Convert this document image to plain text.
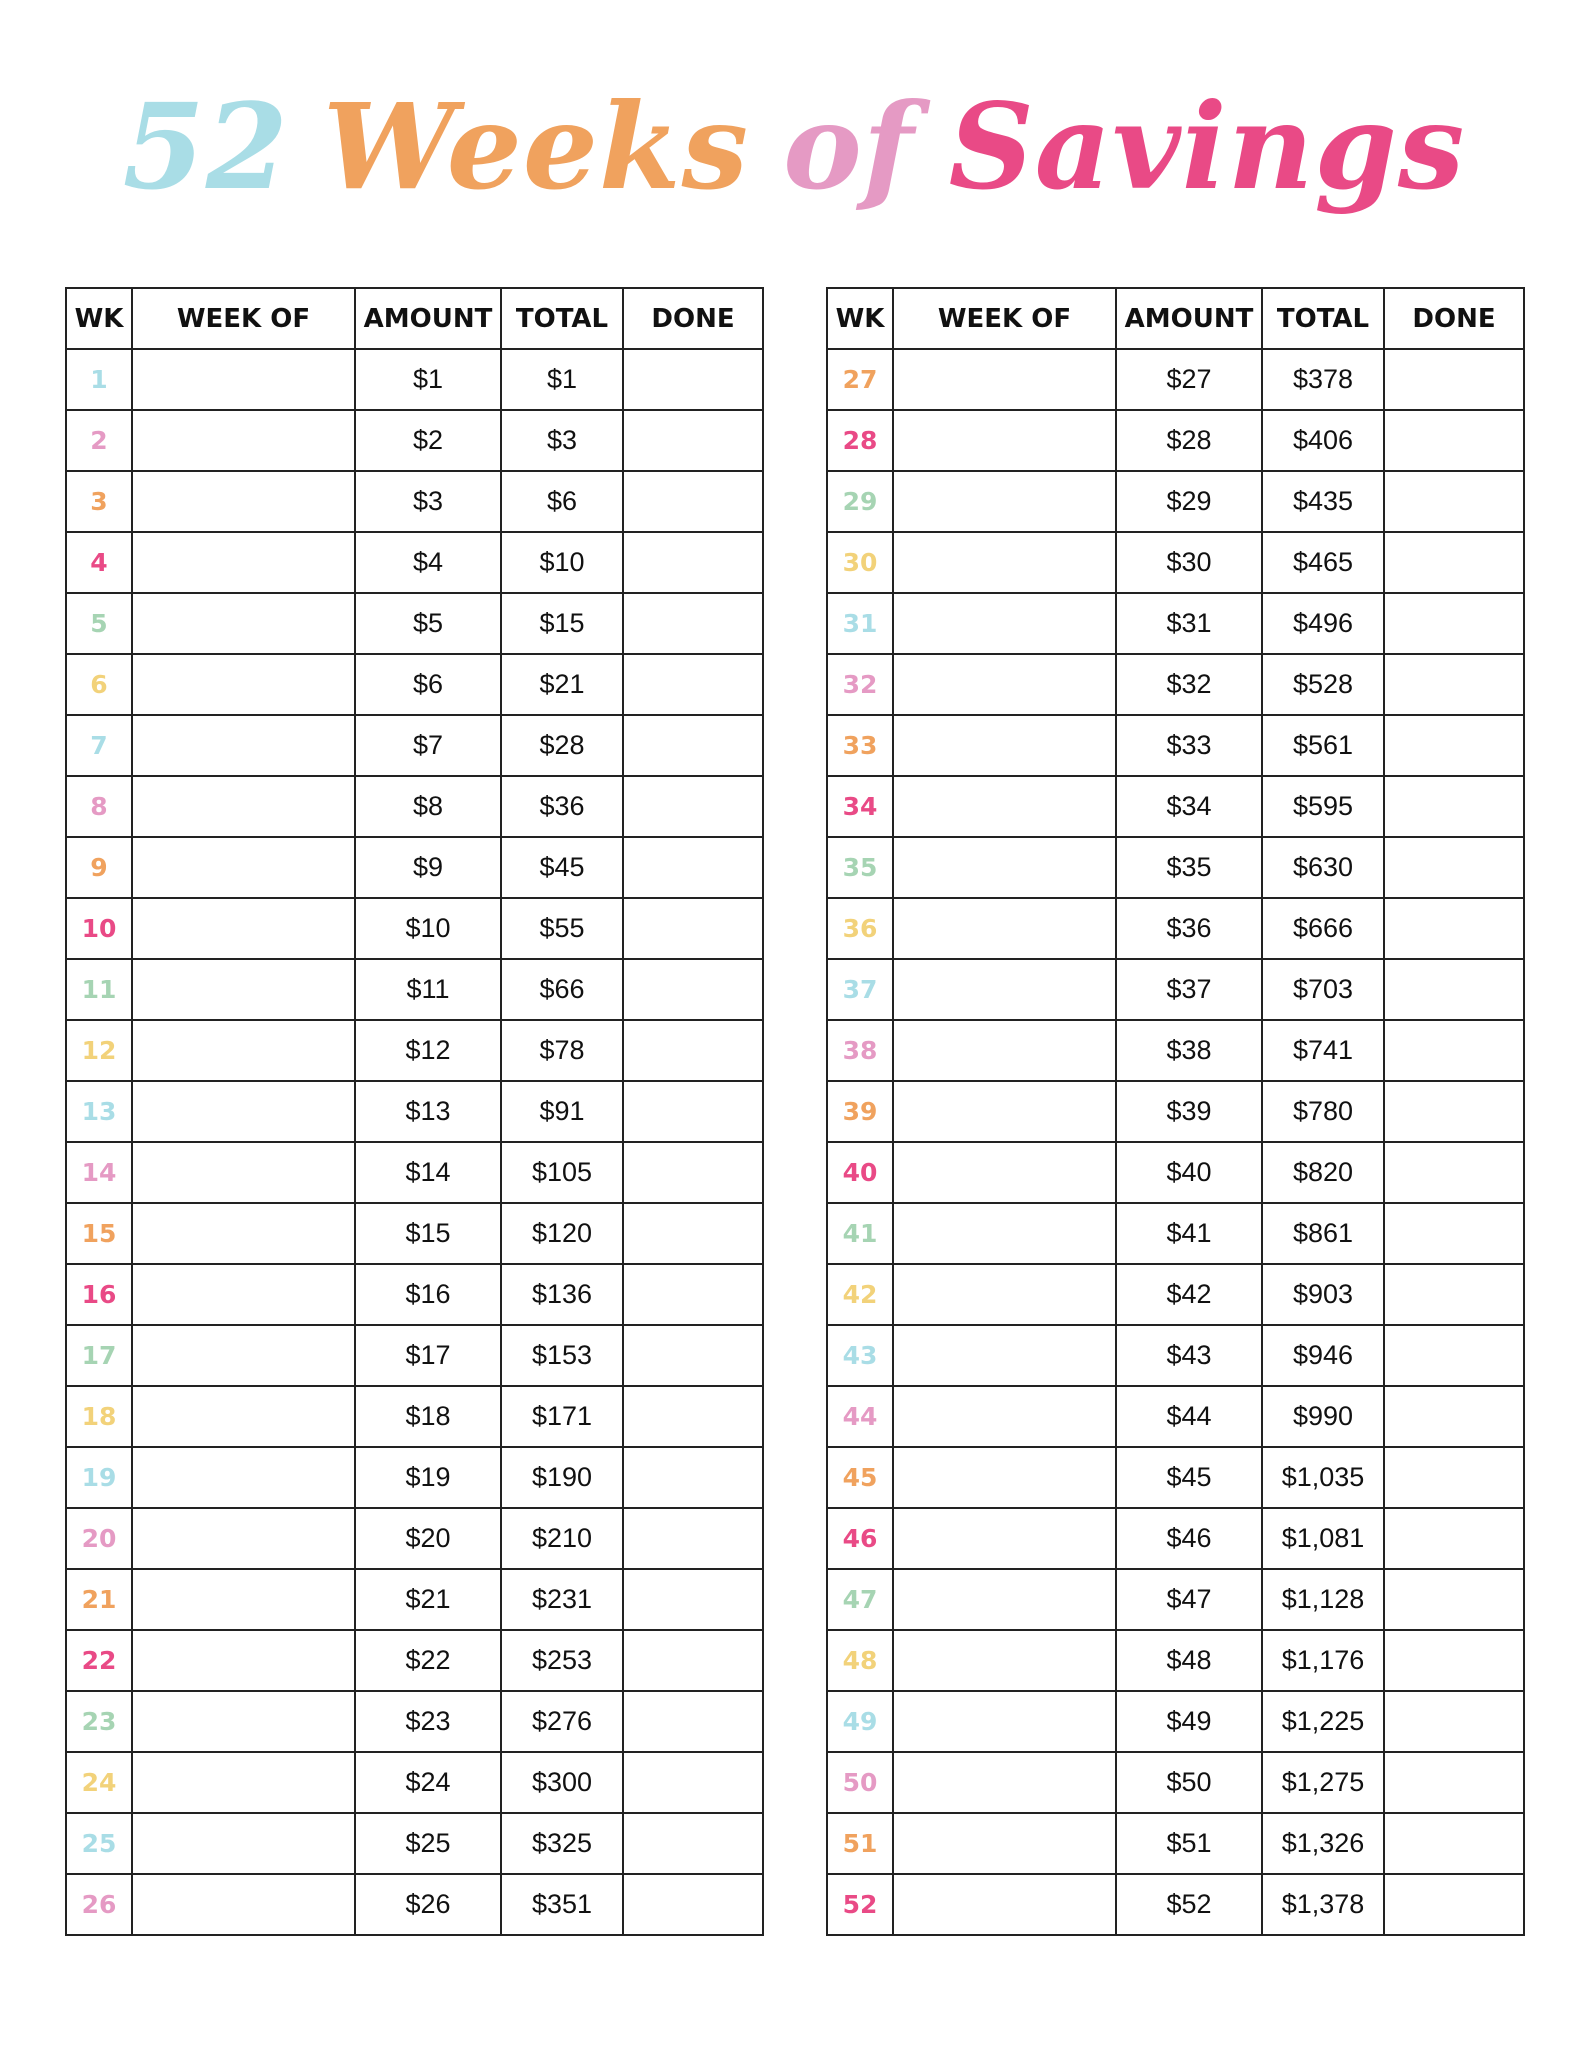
52 Weeks of Savings
WK	WEEK OF	AMOUNT	TOTAL	DONE
1		$1	$1	
2		$2	$3	
3		$3	$6	
4		$4	$10	
5		$5	$15	
6		$6	$21	
7		$7	$28	
8		$8	$36	
9		$9	$45	
10		$10	$55	
11		$11	$66	
12		$12	$78	
13		$13	$91	
14		$14	$105	
15		$15	$120	
16		$16	$136	
17		$17	$153	
18		$18	$171	
19		$19	$190	
20		$20	$210	
21		$21	$231	
22		$22	$253	
23		$23	$276	
24		$24	$300	
25		$25	$325	
26		$26	$351	
WK	WEEK OF	AMOUNT	TOTAL	DONE
27		$27	$378	
28		$28	$406	
29		$29	$435	
30		$30	$465	
31		$31	$496	
32		$32	$528	
33		$33	$561	
34		$34	$595	
35		$35	$630	
36		$36	$666	
37		$37	$703	
38		$38	$741	
39		$39	$780	
40		$40	$820	
41		$41	$861	
42		$42	$903	
43		$43	$946	
44		$44	$990	
45		$45	$1,035	
46		$46	$1,081	
47		$47	$1,128	
48		$48	$1,176	
49		$49	$1,225	
50		$50	$1,275	
51		$51	$1,326	
52		$52	$1,378	
